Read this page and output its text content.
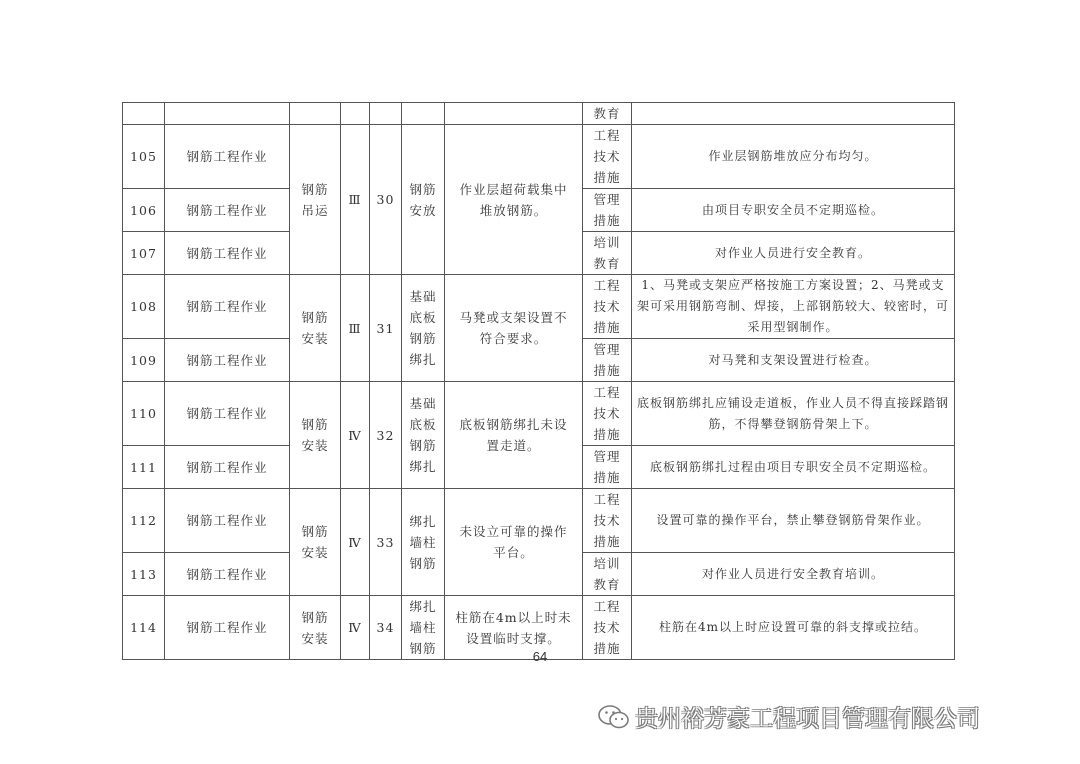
							教育	
105	钢筋工程作业	钢筋
吊运	Ⅲ	30	钢筋
安放	作业层超荷载集中
堆放钢筋。	工程
技术
措施	作业层钢筋堆放应分布均匀。
106	钢筋工程作业						管理
措施	由项目专职安全员不定期巡检。
107	钢筋工程作业						培训
教育	对作业人员进行安全教育。
108	钢筋工程作业	钢筋
安装	Ⅲ	31	基础
底板
钢筋
绑扎	马凳或支架设置不
符合要求。	工程
技术
措施	1、马凳或支架应严格按施工方案设置；2、马凳或支架可采用钢筋弯制、焊接，上部钢筋较大、较密时，可采用型钢制作。
109	钢筋工程作业						管理
措施	对马凳和支架设置进行检查。
110	钢筋工程作业	钢筋
安装	Ⅳ	32	基础
底板
钢筋
绑扎	底板钢筋绑扎未设
置走道。	工程
技术
措施	底板钢筋绑扎应铺设走道板，作业人员不得直接踩踏钢筋，不得攀登钢筋骨架上下。
111	钢筋工程作业						管理
措施	底板钢筋绑扎过程由项目专职安全员不定期巡检。
112	钢筋工程作业	钢筋
安装	Ⅳ	33	绑扎
墙柱
钢筋	未设立可靠的操作
平台。	工程
技术
措施	设置可靠的操作平台，禁止攀登钢筋骨架作业。
113	钢筋工程作业						培训
教育	对作业人员进行安全教育培训。
114	钢筋工程作业	钢筋
安装	Ⅳ	34	绑扎
墙柱
钢筋	柱筋在4m以上时未
设置临时支撑。	工程
技术
措施	柱筋在4m以上时应设置可靠的斜支撑或拉结。
64
贵州裕芳豪工程项目管理有限公司
